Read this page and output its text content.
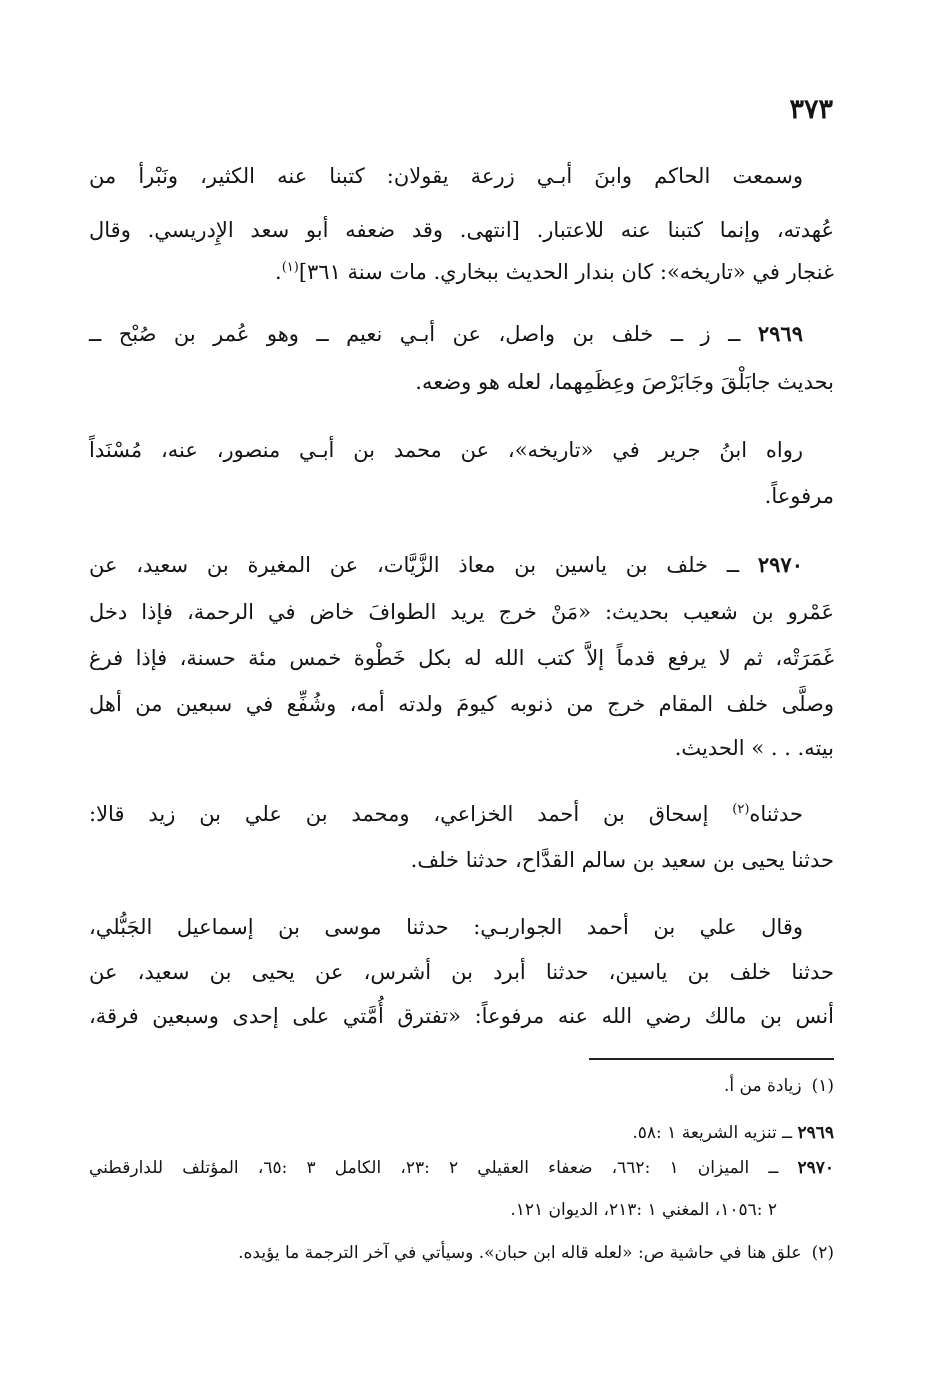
٣٧٣

وسمعت الحاكم وابنَ أبـي زرعة يقولان: كتبنا عنه الكثير، ونَبْرأ من

عُهدته، وإنما كتبنا عنه للاعتبار. [انتهى. وقد ضعفه أبو سعد الإِدريسي. وقال

غنجار في «تاريخه»: كان بندار الحديث ببخاري. مات سنة ٣٦١]$^{(١)}$.

٢٩٦٩ ــ ز ــ خلف بن واصل، عن أبـي نعيم ــ وهو عُمر بن صُبْح ــ

بحديث جابَلْقَ وجَابَرْصَ وعِظَمِهما، لعله هو وضعه.

رواه ابنُ جرير في «تاريخه»، عن محمد بن أبـي منصور، عنه، مُسْنَداً

مرفوعاً.

٢٩٧٠ ــ خلف بن ياسين بن معاذ الزَّيَّات، عن المغيرة بن سعيد، عن

عَمْرو بن شعيب بحديث: «مَنْ خرج يريد الطوافَ خاض في الرحمة، فإذا دخل

غَمَرَتْه، ثم لا يرفع قدماً إلاَّ كتب الله له بكل خَطْوة خمس مئة حسنة، فإذا فرغ

وصلَّى خلف المقام خرج من ذنوبه كيومَ ولدته أمه، وشُفِّع في سبعين من أهل

بيته. . . » الحديث.

حدثناه$^{(٢)}$ إسحاق بن أحمد الخزاعي، ومحمد بن علي بن زيد قالا:

حدثنا يحيى بن سعيد بن سالم القدَّاح، حدثنا خلف.

وقال علي بن أحمد الجواربـي: حدثنا موسى بن إسماعيل الجَبُّلي،

حدثنا خلف بن ياسين، حدثنا أبرد بن أشرس، عن يحيى بن سعيد، عن

أنس بن مالك رضي الله عنه مرفوعاً: «تفترق أُمَّتي على إحدى وسبعين فرقة،

(١)زيادة من أ.

٢٩٦٩ ــ تنزيه الشريعة ١ :٥٨.

٢٩٧٠ ــ الميزان ١ :٦٦٢، ضعفاء العقيلي ٢ :٢٣، الكامل ٣ :٦٥، المؤتلف للدارقطني

٢ :١٠٥٦، المغني ١ :٢١٣، الديوان ١٢١.

(٢)علق هنا في حاشية ص: «لعله قاله ابن حبان». وسيأتي في آخر الترجمة ما يؤيده.
